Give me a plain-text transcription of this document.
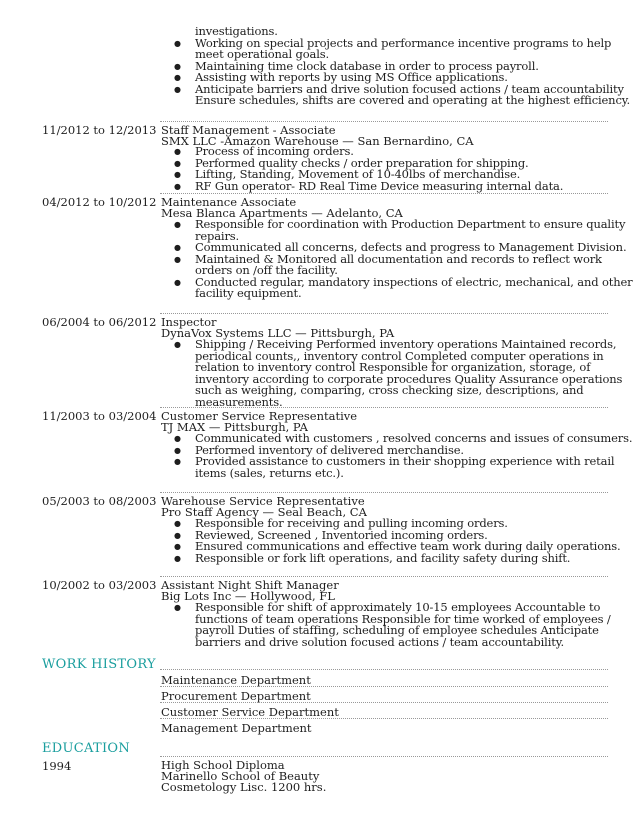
investigations.
● Working on special projects and performance incentive programs to help meet operational goals.
● Maintaining time clock database in order to process payroll.
● Assisting with reports by using MS Office applications.
● Anticipate barriers and drive solution focused actions / team accountability Ensure schedules, shifts are covered and operating at the highest efficiency.
11/2012 to 12/2013 Staff Management - Associate
SMX LLC -Amazon Warehouse — San Bernardino, CA
● Process of incoming orders.
● Performed quality checks / order preparation for shipping.
● Lifting, Standing, Movement of 10-40lbs of merchandise.
● RF Gun operator- RD Real Time Device measuring internal data.
04/2012 to 10/2012 Maintenance Associate
Mesa Blanca Apartments — Adelanto, CA
● Responsible for coordination with Production Department to ensure quality repairs.
● Communicated all concerns, defects and progress to Management Division.
● Maintained & Monitored all documentation and records to reflect work orders on /off the facility.
● Conducted regular, mandatory inspections of electric, mechanical, and other facility equipment.
06/2004 to 06/2012 Inspector
DynaVox Systems LLC — Pittsburgh, PA
● Shipping / Receiving Performed inventory operations Maintained records, periodical counts,, inventory control Completed computer operations in relation to inventory control Responsible for organization, storage, of inventory according to corporate procedures Quality Assurance operations such as weighing, comparing, cross checking size, descriptions, and measurements.
11/2003 to 03/2004 Customer Service Representative
TJ MAX — Pittsburgh, PA
● Communicated with customers , resolved concerns and issues of consumers.
● Performed inventory of delivered merchandise.
● Provided assistance to customers in their shopping experience with retail items (sales, returns etc.).
05/2003 to 08/2003 Warehouse Service Representative
Pro Staff Agency — Seal Beach, CA
● Responsible for receiving and pulling incoming orders.
● Reviewed, Screened , Inventoried incoming orders.
● Ensured communications and effective team work during daily operations.
● Responsible or fork lift operations, and facility safety during shift.
10/2002 to 03/2003 Assistant Night Shift Manager
Big Lots Inc — Hollywood, FL
● Responsible for shift of approximately 10-15 employees Accountable to functions of team operations Responsible for time worked of employees / payroll Duties of staffing, scheduling of employee schedules Anticipate barriers and drive solution focused actions / team accountability.
WORK HISTORY
Maintenance Department
Procurement Department
Customer Service Department
Management Department
EDUCATION
1994	High School Diploma
Marinello School of Beauty
Cosmetology Lisc. 1200 hrs.
